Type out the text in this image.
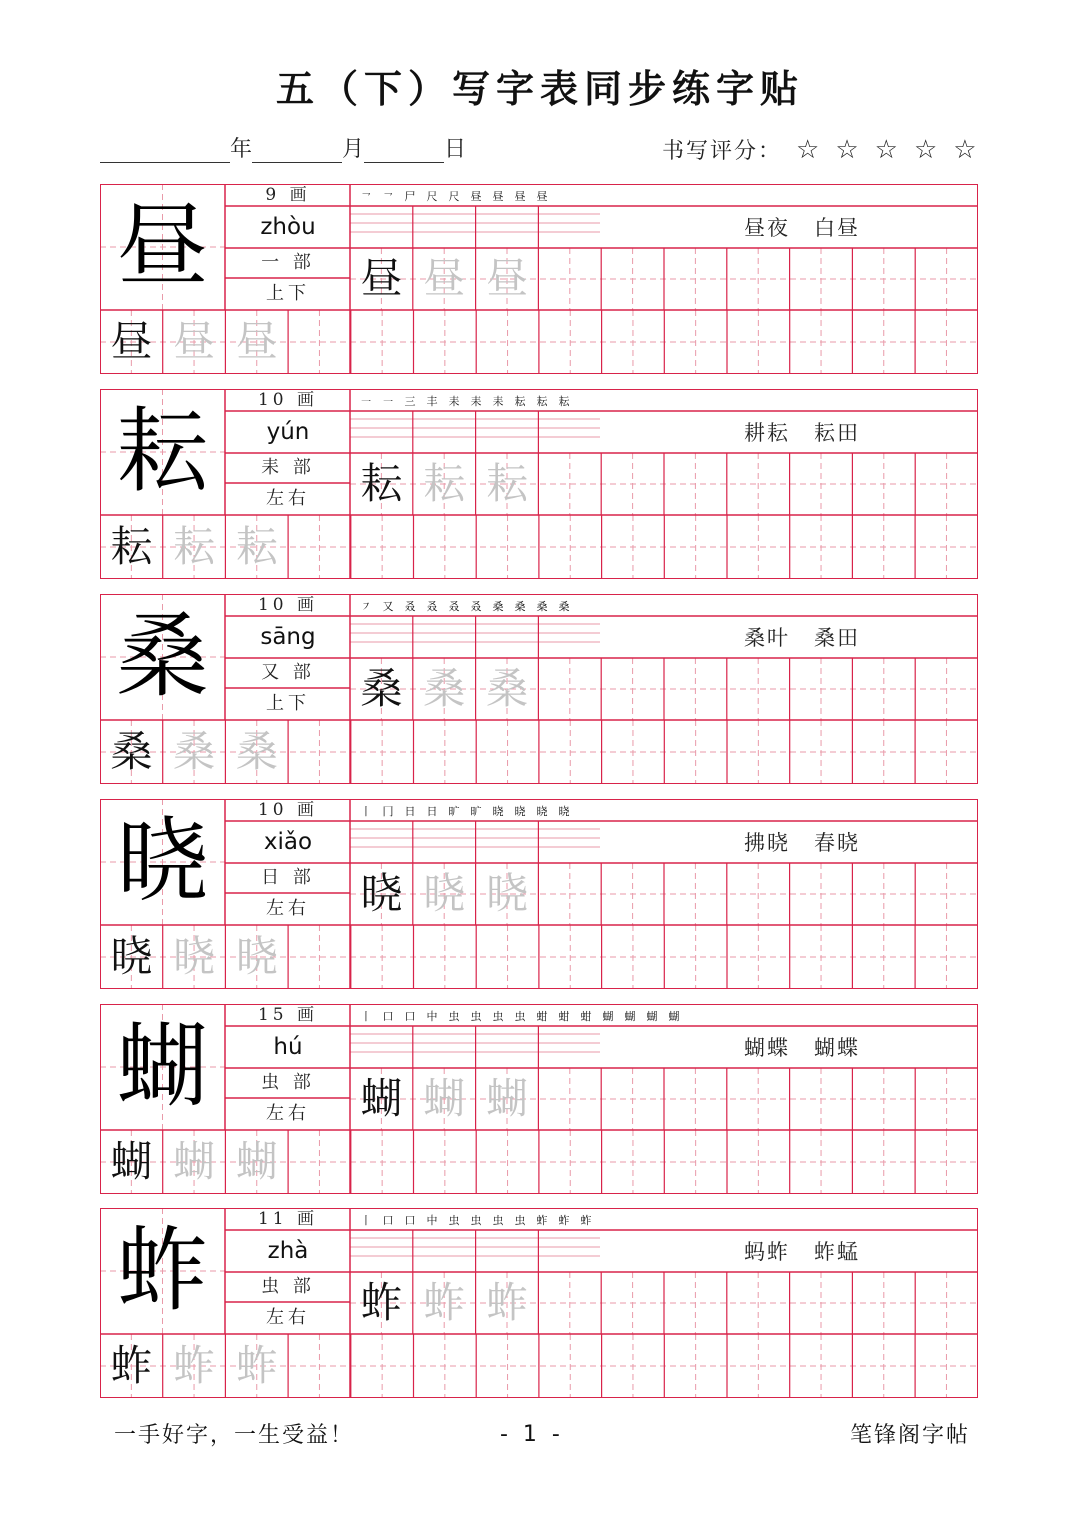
五（下）写字表同步练字贴
年	月	日	书写评分： ☆ ☆ ☆ ☆ ☆
昼	9 画
zhòu
一 部
上下
㇖ ㇖ 尸 尺 尺 昼 昼 昼 昼
昼夜 白昼
昼 昼 昼
昼 昼 昼
耘	10 画
yún
耒 部
左右
㇐ ㇐ 三 丰 耒 耒 耒 耘 耘 耘
耕耘 耘田
耘 耘 耘
耘 耘 耘
桑	10 画
sāng
又 部
上下
㇇ 又 叒 叒 叒 叒 桑 桑 桑 桑
桑叶 桑田
桑 桑 桑
桑 桑 桑
晓	10 画
xiǎo
日 部
左右
丨 冂 日 日 旷 旷 晓 晓 晓 晓
拂晓 春晓
晓 晓 晓
晓 晓 晓
蝴	15 画
hú
虫 部
左右
丨 口 口 中 虫 虫 虫 虫 蚶 蚶 蚶 蝴 蝴 蝴 蝴
蝴蝶 蝴蝶
蝴 蝴 蝴
蝴 蝴 蝴
蚱	11 画
zhà
虫 部
左右
丨 口 口 中 虫 虫 虫 虫 蚱 蚱 蚱
蚂蚱 蚱蜢
蚱 蚱 蚱
蚱 蚱 蚱
一手好字，一生受益！	- 1 -	笔锋阁字帖
